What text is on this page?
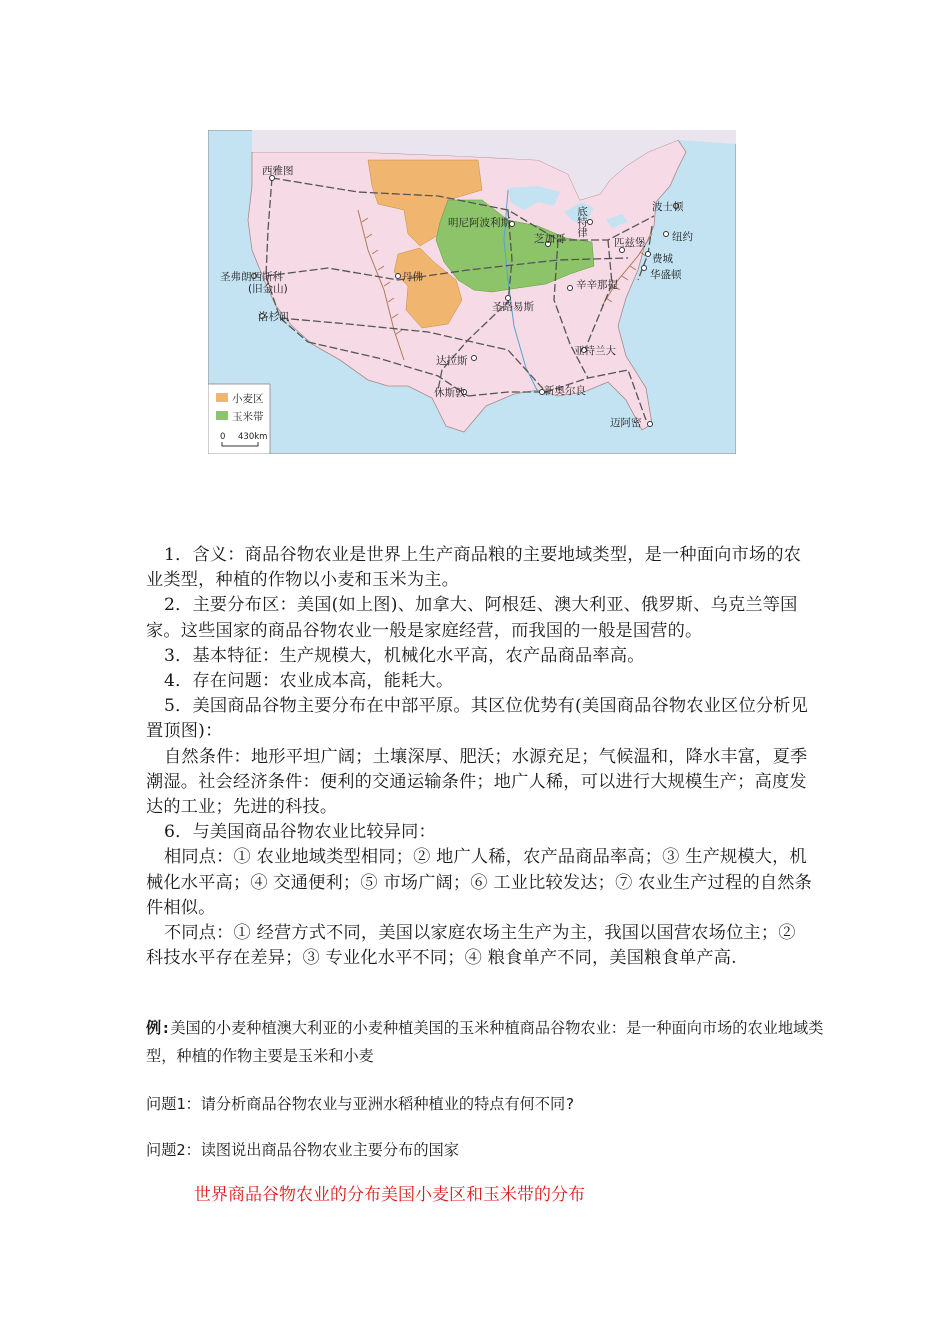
西雅图
明尼阿波利斯	底特律	波士顿
纽约
芝加哥	匹兹堡
费城
华盛顿
圣弗朗西斯科
(旧金山)
丹佛
辛辛那提
圣路易斯
洛杉矶
亚特兰大
达拉斯
休斯敦	新奥尔良
迈阿密
小麦区
玉米带
0 430km

1．含义：商品谷物农业是世界上生产商品粮的主要地域类型，是一种面向市场的农业类型，种植的作物以小麦和玉米为主。

2．主要分布区：美国(如上图)、加拿大、阿根廷、澳大利亚、俄罗斯、乌克兰等国家。这些国家的商品谷物农业一般是家庭经营，而我国的一般是国营的。

3．基本特征：生产规模大，机械化水平高，农产品商品率高。

4．存在问题：农业成本高，能耗大。

5．美国商品谷物主要分布在中部平原。其区位优势有(美国商品谷物农业区位分析见置顶图)：

自然条件：地形平坦广阔；土壤深厚、肥沃；水源充足；气候温和，降水丰富，夏季潮湿。社会经济条件：便利的交通运输条件；地广人稀，可以进行大规模生产；高度发达的工业；先进的科技。

6．与美国商品谷物农业比较异同：

相同点：① 农业地域类型相同；② 地广人稀，农产品商品率高；③ 生产规模大，机械化水平高；④ 交通便利；⑤ 市场广阔；⑥ 工业比较发达；⑦ 农业生产过程的自然条件相似。

不同点：① 经营方式不同，美国以家庭农场主生产为主，我国以国营农场位主；② 科技水平存在差异；③ 专业化水平不同；④ 粮食单产不同，美国粮食单产高.

例:美国的小麦种植澳大利亚的小麦种植美国的玉米种植商品谷物农业：是一种面向市场的农业地域类型，种植的作物主要是玉米和小麦
问题1：请分析商品谷物农业与亚洲水稻种植业的特点有何不同?
问题2：读图说出商品谷物农业主要分布的国家
世界商品谷物农业的分布美国小麦区和玉米带的分布
